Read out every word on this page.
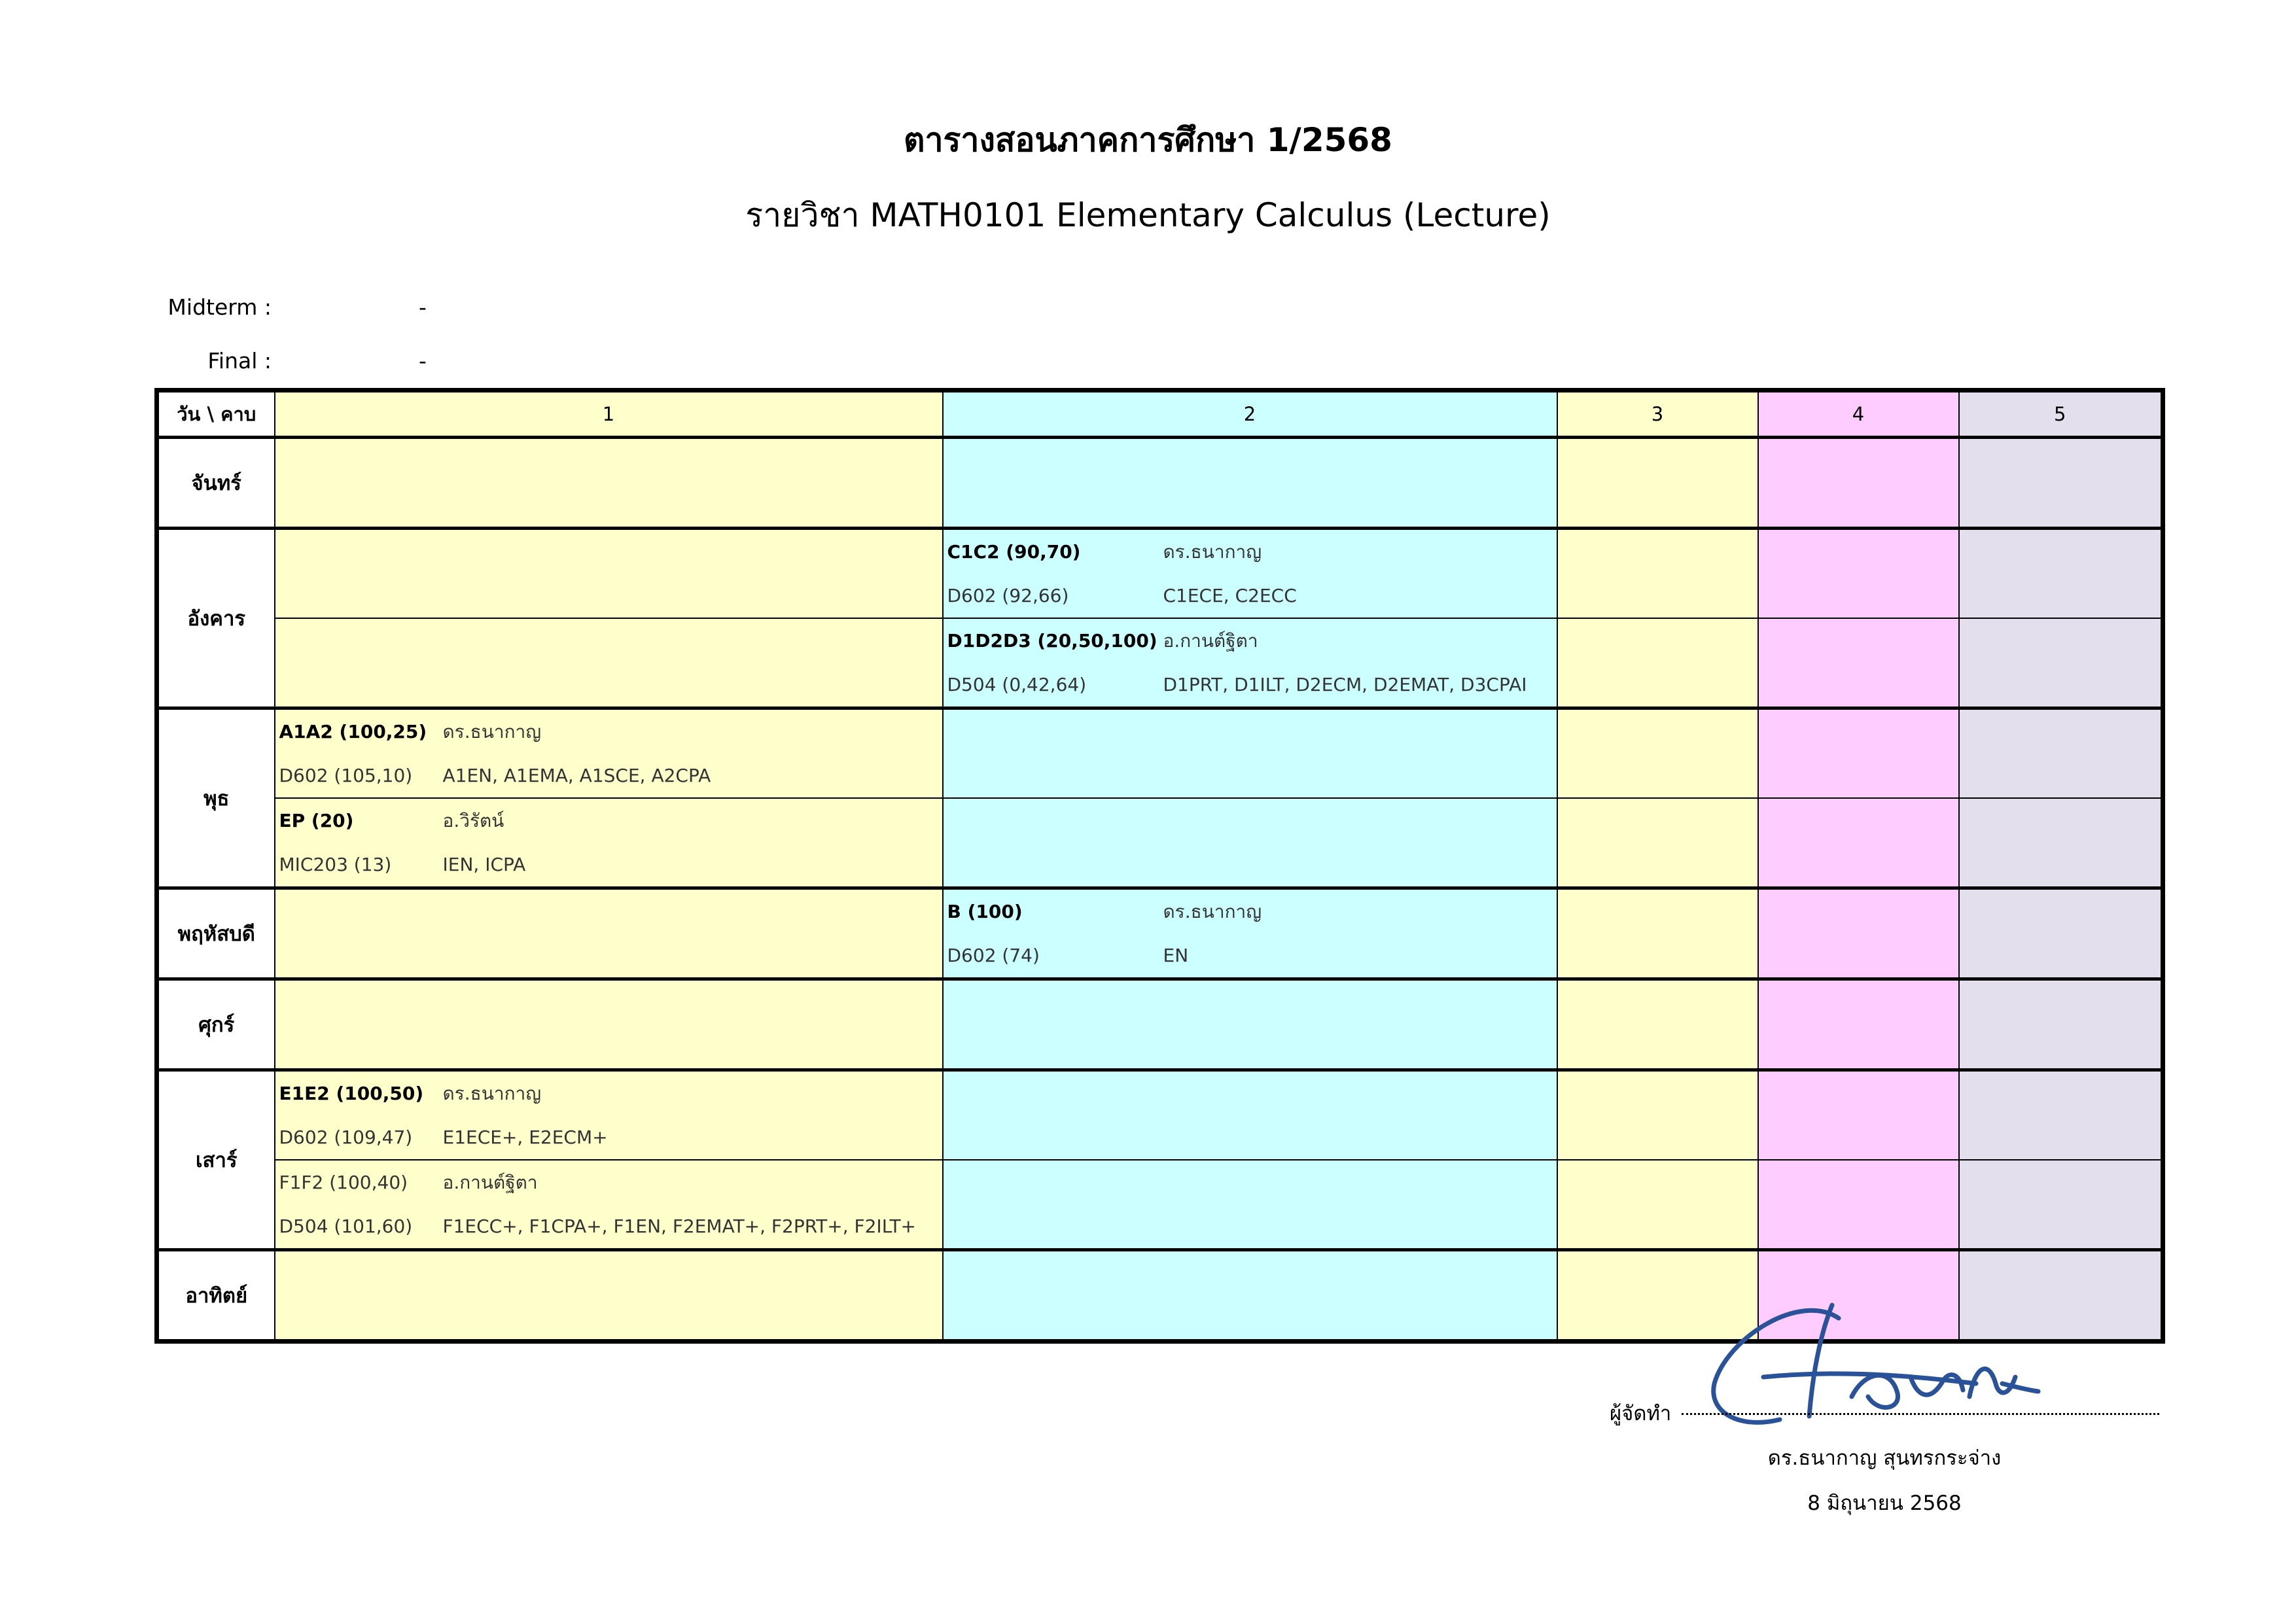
ตารางสอนภาคการศึกษา 1/2568
รายวิชา MATH0101 Elementary Calculus (Lecture)
Midterm :	-
Final :	-
วัน \ คาบ	1	2	3	4	5
จันทร์	

อังคาร		C1C2 (90,70) ดร.ธนากาญ
D602 (92,66) C1ECE, C2ECC			

		D1D2D3 (20,50,100) อ.กานต์ฐิตา
D504 (0,42,64) D1PRT, D1ILT, D2ECM, D2EMAT, D3CPAI			

พุธ	A1A2 (100,25) ดร.ธนากาญ
D602 (105,10) A1EN, A1EMA, A1SCE, A2CPA				

	EP (20) อ.วิรัตน์
MIC203 (13) IEN, ICPA				

พฤหัสบดี		B (100) ดร.ธนากาญ
D602 (74) EN			

ศุกร์	

เสาร์	E1E2 (100,50) ดร.ธนากาญ
D602 (109,47) E1ECE+, E2ECM+				

	F1F2 (100,40) อ.กานต์ฐิตา
D504 (101,60) F1ECC+, F1CPA+, F1EN, F2EMAT+, F2PRT+, F2ILT+				

อาทิตย์	

ผู้จัดทำ
ดร.ธนากาญ สุนทรกระจ่าง
8 มิถุนายน 2568
